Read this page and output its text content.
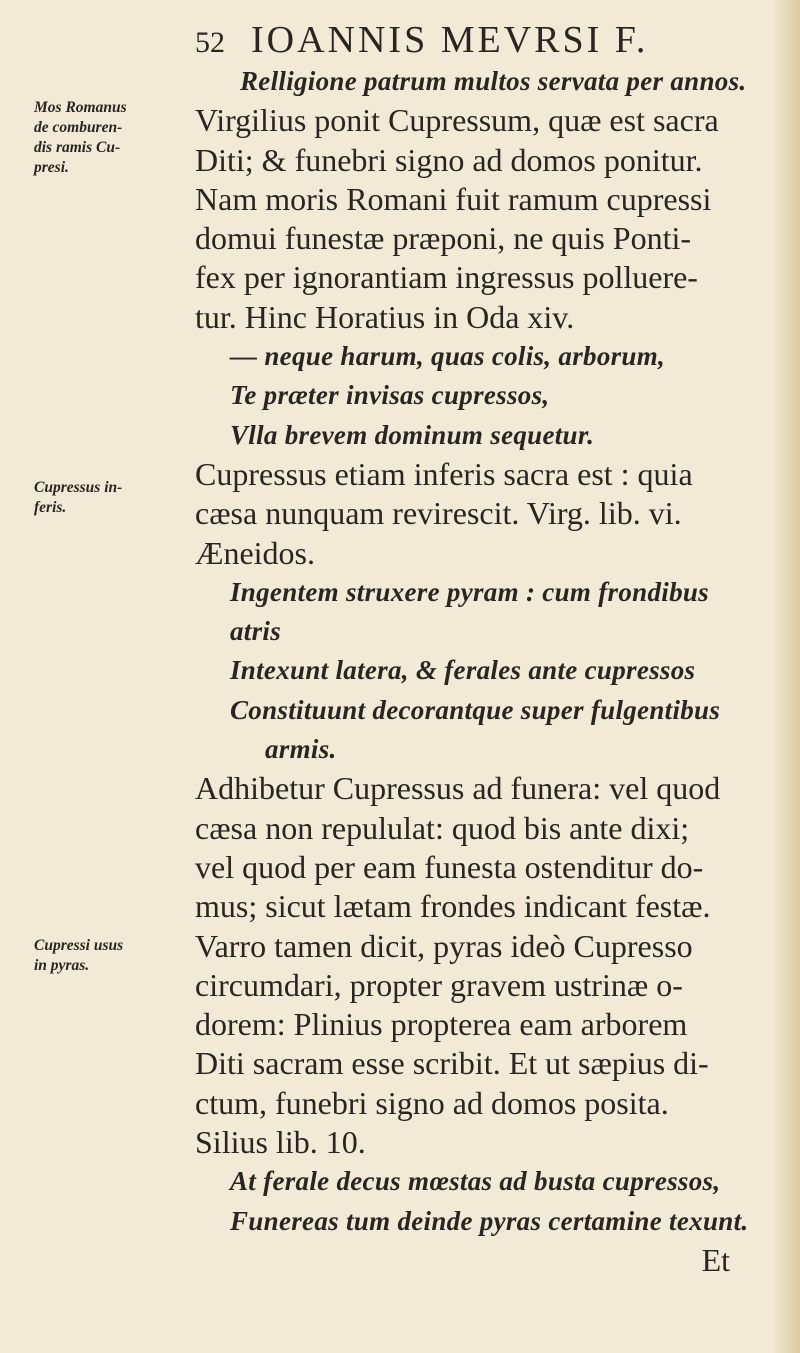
52 IOANNIS MEVRSI F.
Mos Romanus
de comburen-
dis ramis Cu-
presi.
Cupressus in-
feris.
Cupressi usus
in pyras.
Relligione patrum multos servata per annos.
Virgilius ponit Cupressum, quæ est sacra
Diti; & funebri signo ad domos ponitur.
Nam moris Romani fuit ramum cupressi
domui funestæ præponi, ne quis Ponti-
fex per ignorantiam ingressus polluere-
tur. Hinc Horatius in Oda xiv.
— neque harum, quas colis, arborum,
Te præter invisas cupressos,
Vlla brevem dominum sequetur.
Cupressus etiam inferis sacra est : quia
cæsa nunquam revirescit. Virg. lib. vi.
Æneidos.
Ingentem struxere pyram : cum frondibus
atris
Intexunt latera, & ferales ante cupressos
Constituunt decorantque super fulgentibus
armis.
Adhibetur Cupressus ad funera: vel quod
cæsa non repululat: quod bis ante dixi;
vel quod per eam funesta ostenditur do-
mus; sicut lætam frondes indicant festæ.
Varro tamen dicit, pyras ideò Cupresso
circumdari, propter gravem ustrinæ o-
dorem: Plinius propterea eam arborem
Diti sacram esse scribit. Et ut sæpius di-
ctum, funebri signo ad domos posita.
Silius lib. 10.
At ferale decus mœstas ad busta cupressos,
Funereas tum deinde pyras certamine texunt.
Et
